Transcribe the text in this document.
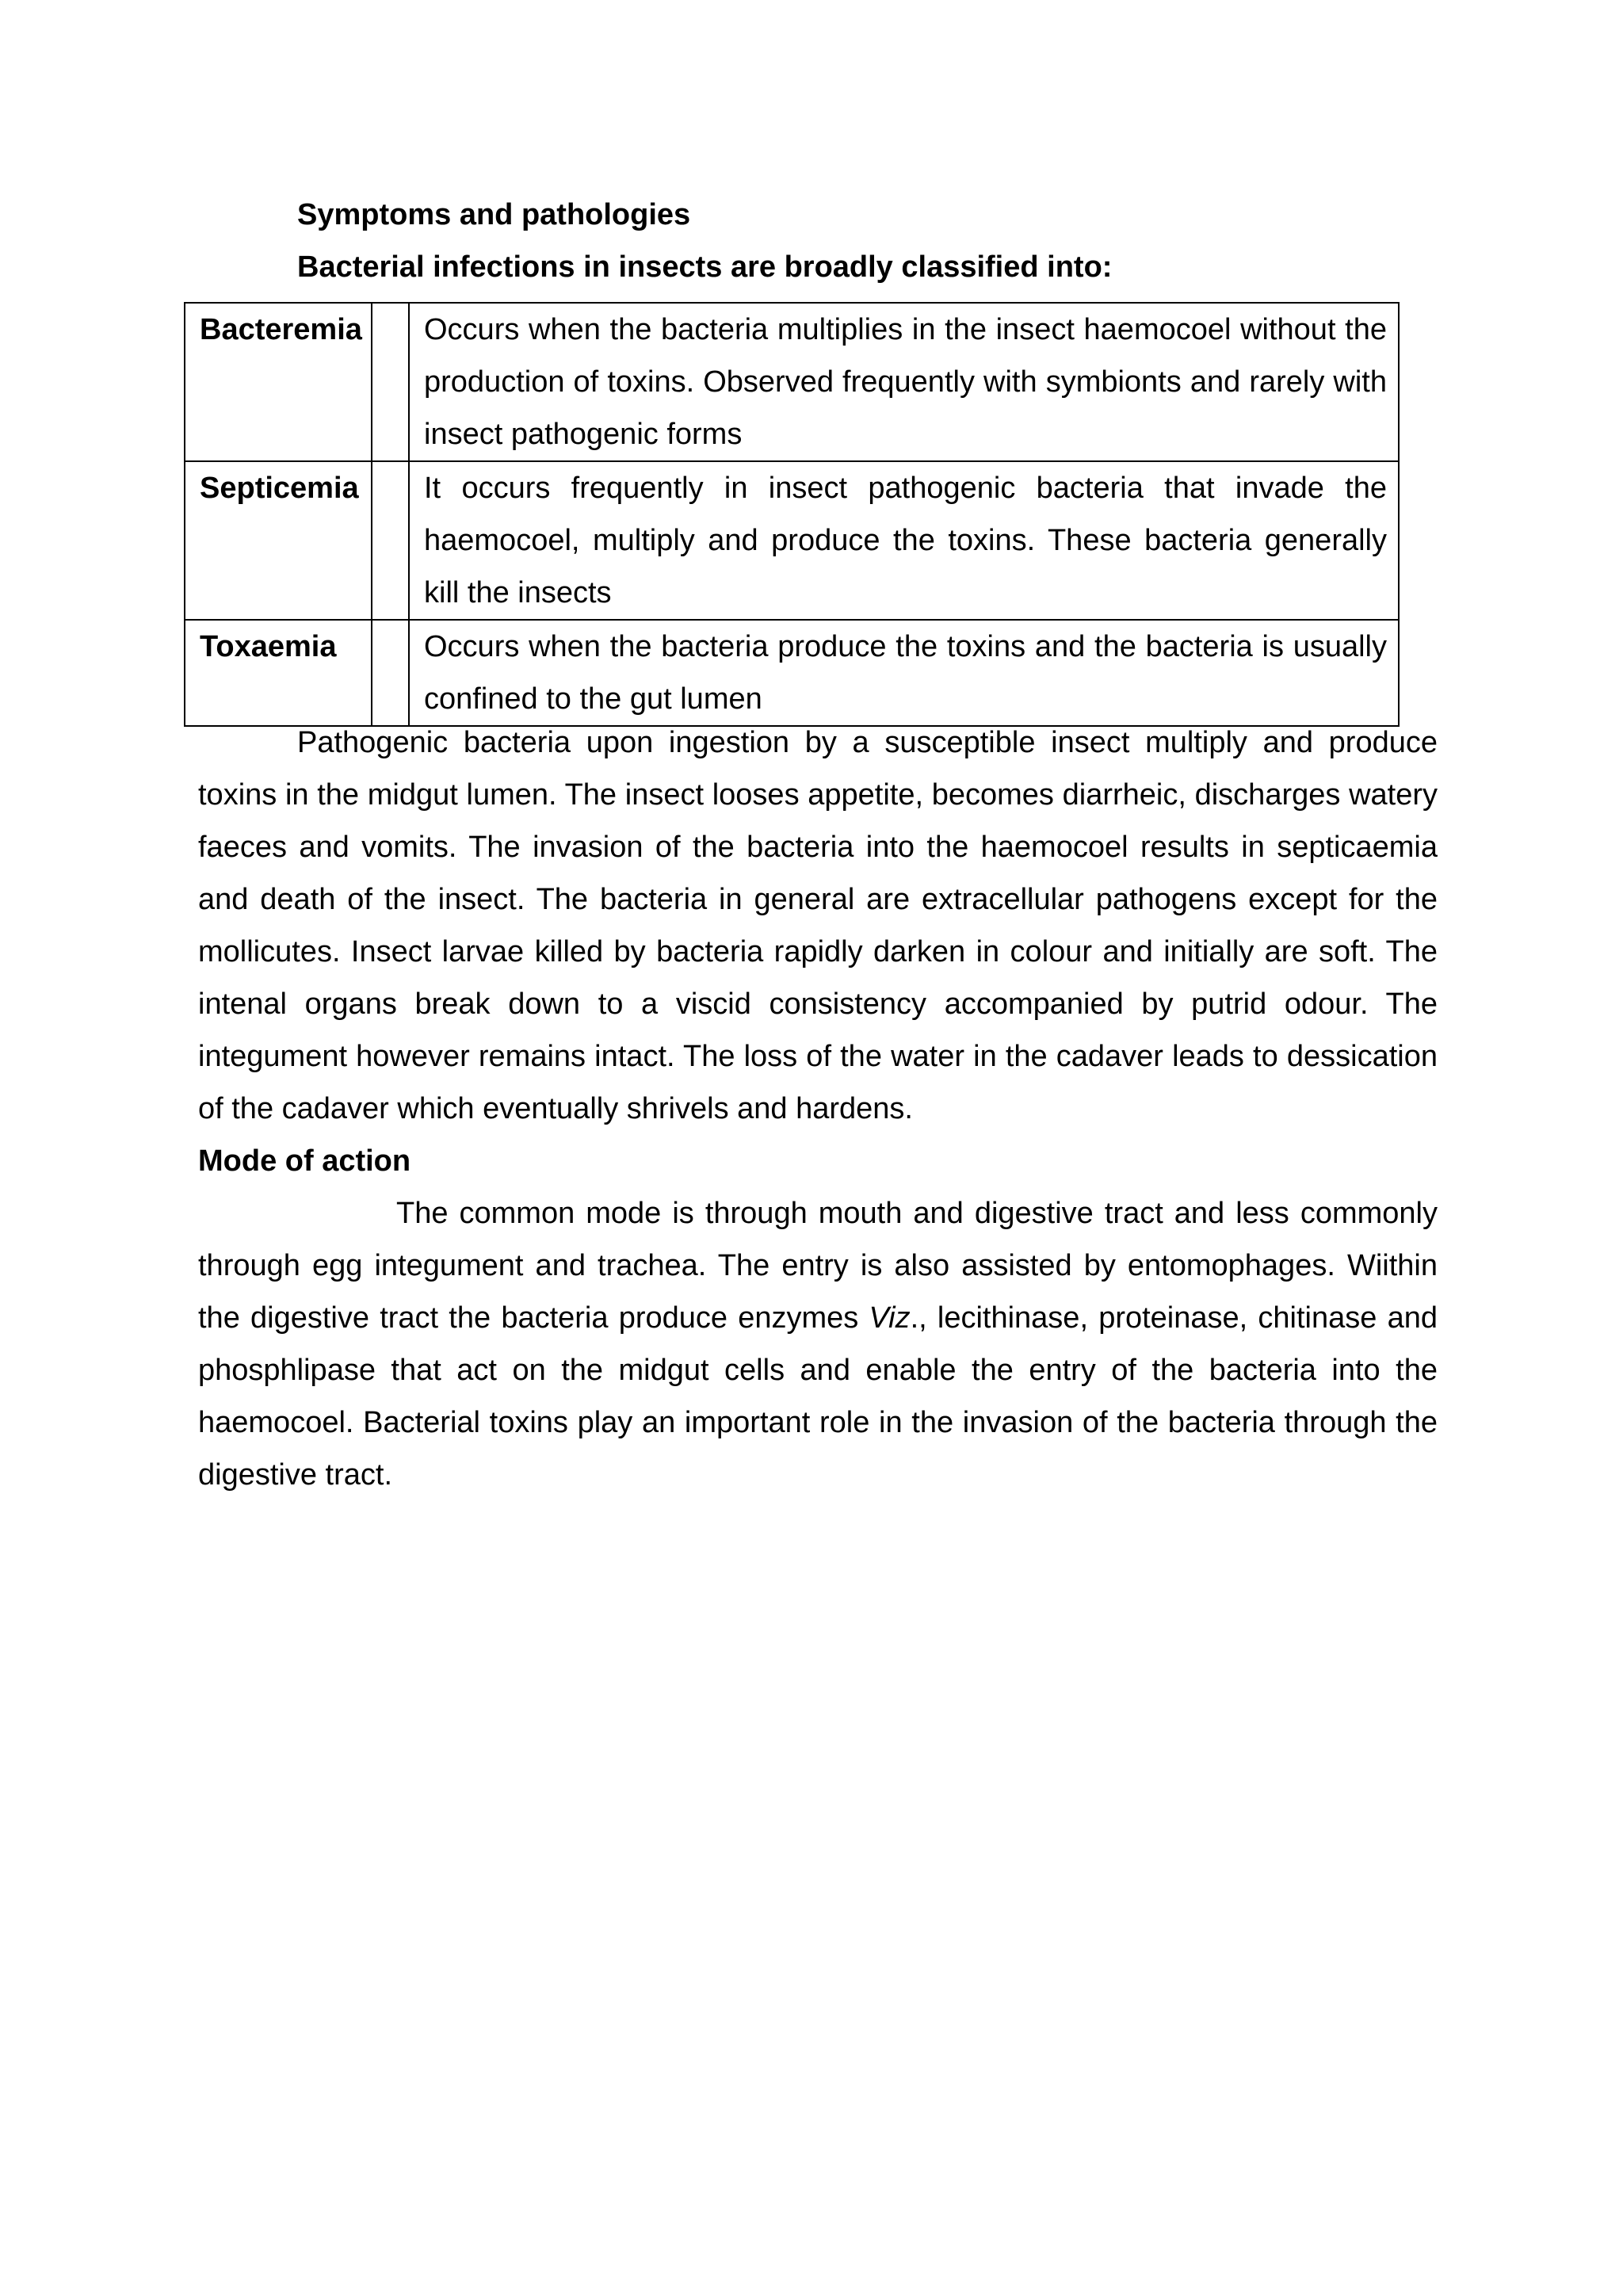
Symptoms and pathologies
Bacterial infections in insects are broadly classified into:
Bacteremia		Occurs when the bacteria multiplies in the insect haemocoel without the production of toxins. Observed frequently with symbionts and rarely with insect pathogenic forms
Septicemia		It occurs frequently in insect pathogenic bacteria that invade the haemocoel, multiply and produce the toxins. These bacteria generally kill the insects
Toxaemia		Occurs when the bacteria produce the toxins and the bacteria is usually confined to the gut lumen

Pathogenic bacteria upon ingestion by a susceptible insect multiply and produce toxins in the midgut lumen. The insect looses appetite, becomes diarrheic, discharges watery faeces and vomits. The invasion of the bacteria into the haemocoel results in septicaemia and death of the insect. The bacteria in general are extracellular pathogens except for the mollicutes. Insect larvae killed by bacteria rapidly darken in colour and initially are soft. The intenal organs break down to a viscid consistency accompanied by putrid odour. The integument however remains intact. The loss of the water in the cadaver leads to dessication of the cadaver which eventually shrivels and hardens.

Mode of action

The common mode is through mouth and digestive tract and less commonly through egg integument and trachea. The entry is also assisted by entomophages. Wiithin the digestive tract the bacteria produce enzymes Viz., lecithinase, proteinase, chitinase and phosphlipase that act on the midgut cells and enable the entry of the bacteria into the haemocoel. Bacterial toxins play an important role in the invasion of the bacteria through the digestive tract.
